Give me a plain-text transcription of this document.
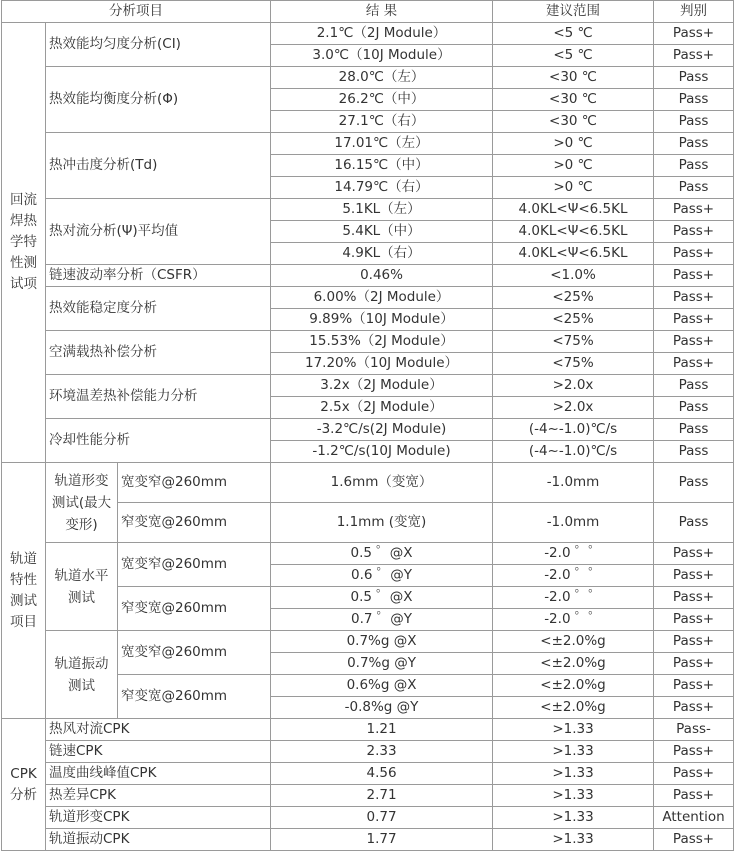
分析项目			结 果	建议范围	判别
回流焊热学特性测试项	热效能均匀度分析(CI)		2.1℃（2J Module）	<5 ℃	Pass+
			3.0℃（10J Module）	<5 ℃	Pass+
	热效能均衡度分析(Φ)		28.0℃（左）	<30 ℃	Pass
			26.2℃（中）	<30 ℃	Pass
			27.1℃（右）	<30 ℃	Pass
	热冲击度分析(Td)		17.01℃（左）	>0 ℃	Pass
			16.15℃（中）	>0 ℃	Pass
			14.79℃（右）	>0 ℃	Pass
	热对流分析(Ψ)平均值		5.1KL（左）	4.0KL<Ψ<6.5KL	Pass+
			5.4KL（中）	4.0KL<Ψ<6.5KL	Pass+
			4.9KL（右）	4.0KL<Ψ<6.5KL	Pass+
	链速波动率分析（CSFR）		0.46%	<1.0%	Pass+
	热效能稳定度分析		6.00%（2J Module）	<25%	Pass+
			9.89%（10J Module）	<25%	Pass+
	空满载热补偿分析		15.53%（2J Module）	<75%	Pass+
			17.20%（10J Module）	<75%	Pass+
	环境温差热补偿能力分析		3.2x（2J Module）	>2.0x	Pass
			2.5x（2J Module）	>2.0x	Pass
	冷却性能分析		-3.2℃/s(2J Module)	(-4~-1.0)℃/s	Pass
			-1.2℃/s(10J Module)	(-4~-1.0)℃/s	Pass
轨道特性测试项目	轨道形变测试(最大变形)	宽变窄@260mm	1.6mm（变宽）	-1.0mm	Pass
		窄变宽@260mm	1.1mm (变宽)	-1.0mm	Pass
	轨道水平测试	宽变窄@260mm	0.5 ゜@X	-2.0 ゜゜	Pass+
			0.6 ゜@Y	-2.0 ゜゜	Pass+
		窄变宽@260mm	0.5 ゜@X	-2.0 ゜゜	Pass+
			0.7 ゜@Y	-2.0 ゜゜	Pass+
	轨道振动测试	宽变窄@260mm	0.7%g @X	<±2.0%g	Pass+
			0.7%g @Y	<±2.0%g	Pass+
		窄变宽@260mm	0.6%g @X	<±2.0%g	Pass+
			-0.8%g @Y	<±2.0%g	Pass+
CPK 分析	热风对流CPK		1.21	>1.33	Pass-
	链速CPK		2.33	>1.33	Pass+
	温度曲线峰值CPK		4.56	>1.33	Pass+
	热差异CPK		2.71	>1.33	Pass+
	轨道形变CPK		0.77	>1.33	Attention
	轨道振动CPK		1.77	>1.33	Pass+
